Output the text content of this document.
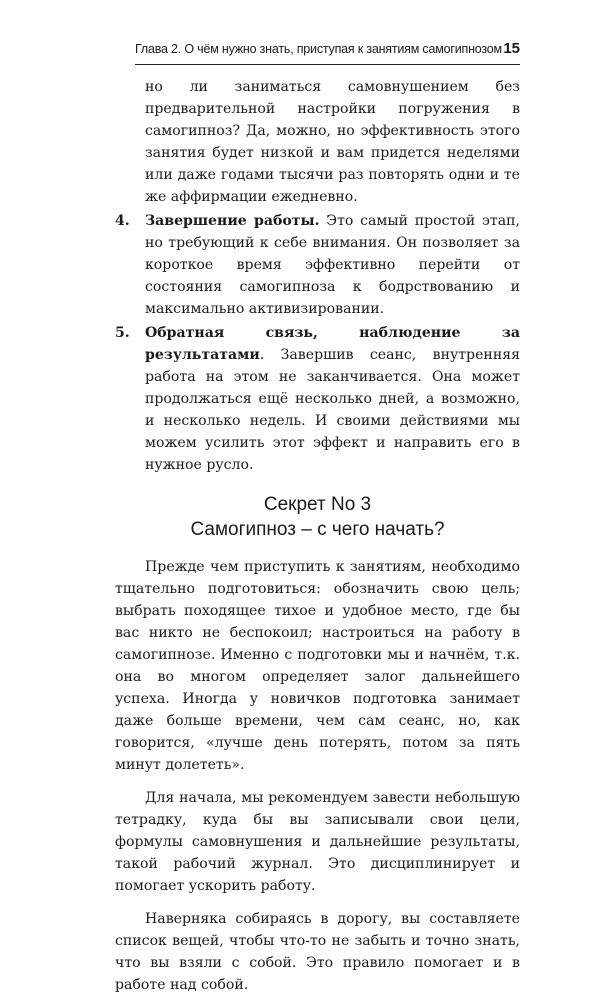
Глава 2. О чём нужно знать, приступая к занятиям самогипнозом 15

но ли заниматься самовнушением без предварительной настройки погружения в самогипноз? Да, можно, но эффективность этого занятия будет низкой и вам придется неделями или даже годами тысячи раз повторять одни и те же аффирмации ежедневно.

4.	Завершение работы. Это самый простой этап, но требующий к себе внимания. Он позволяет за короткое время эффективно перейти от состояния самогипноза к бодрствованию и максимально активизировании.

5.	Обратная связь, наблюдение за результатами. Завершив сеанс, внутренняя работа на этом не заканчивается. Она может продолжаться ещё несколько дней, а возможно, и несколько недель. И своими действиями мы можем усилить этот эффект и направить его в нужное русло.

Секрет No 3
Самогипноз – с чего начать?

Прежде чем приступить к занятиям, необходимо тщательно подготовиться: обозначить свою цель; выбрать походящее тихое и удобное место, где бы вас никто не беспокоил; настроиться на работу в самогипнозе. Именно с подготовки мы и начнём, т.к. она во многом определяет залог дальнейшего успеха. Иногда у новичков подготовка занимает даже больше времени, чем сам сеанс, но, как говорится, «лучше день потерять, потом за пять минут долететь».

Для начала, мы рекомендуем завести небольшую тетрадку, куда бы вы записывали свои цели, формулы самовнушения и дальнейшие результаты, такой рабочий журнал. Это дисциплинирует и помогает ускорить работу.

Наверняка собираясь в дорогу, вы составляете список вещей, чтобы что-то не забыть и точно знать, что вы взяли с собой. Это правило помогает и в работе над собой.
